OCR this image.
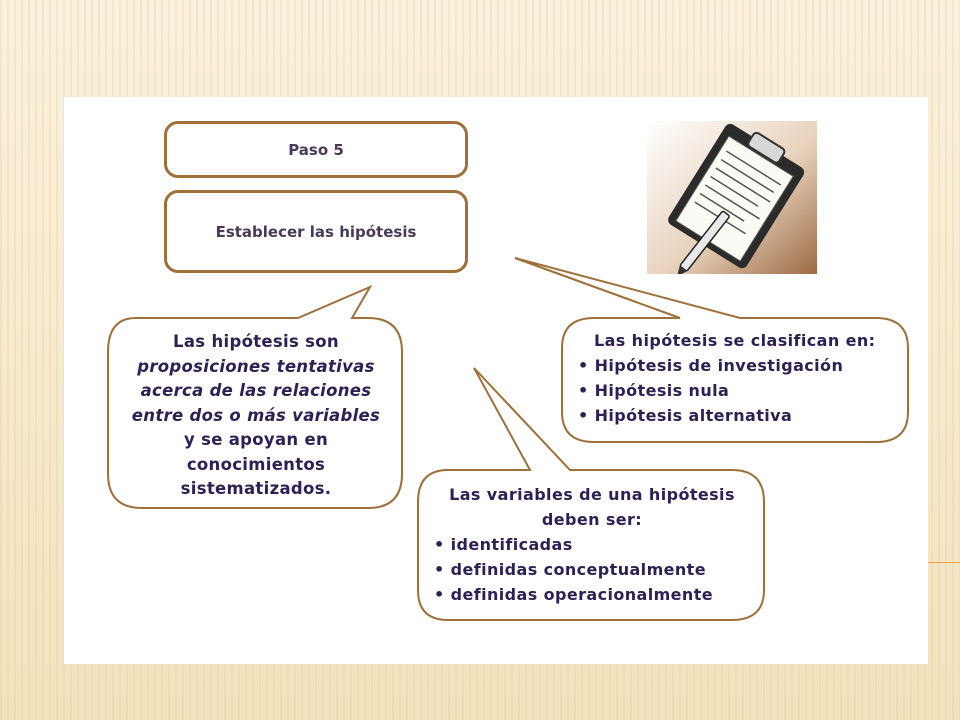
Paso 5
Establecer las hipótesis
Las hipótesis son
proposiciones tentativas
acerca de las relaciones
entre dos o más variables
y se apoyan en
conocimientos
sistematizados.
Las hipótesis se clasifican en:
• Hipótesis de investigación
• Hipótesis nula
• Hipótesis alternativa
Las variables de una hipótesis
deben ser:
• identificadas
• definidas conceptualmente
• definidas operacionalmente
